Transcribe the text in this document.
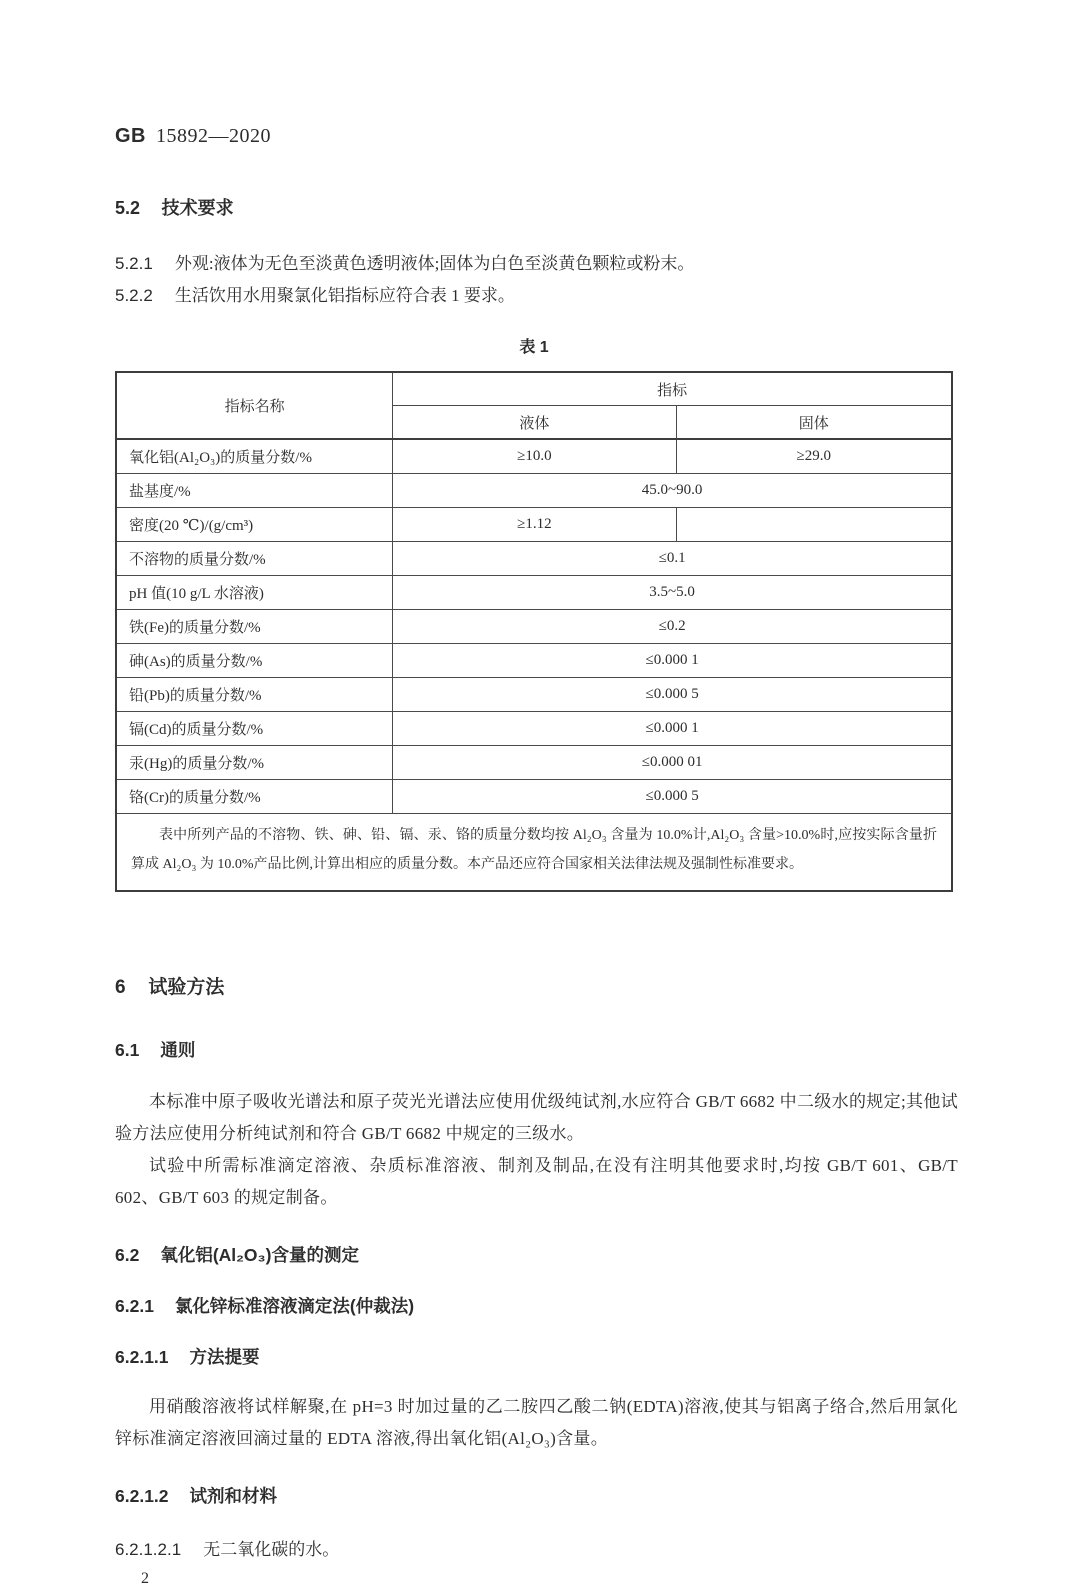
GB 15892—2020

5.2 技术要求

5.2.1 外观:液体为无色至淡黄色透明液体;固体为白色至淡黄色颗粒或粉末。

5.2.2 生活饮用水用聚氯化铝指标应符合表 1 要求。

表 1
指标名称	指标	
	液体	固体
氧化铝(Al₂O₃)的质量分数/%	≥10.0	≥29.0
盐基度/%	45.0~90.0	
密度(20 ℃)/(g/cm³)	≥1.12	
不溶物的质量分数/%	≤0.1	
pH 值(10 g/L 水溶液)	3.5~5.0	
铁(Fe)的质量分数/%	≤0.2	
砷(As)的质量分数/%	≤0.000 1	
铅(Pb)的质量分数/%	≤0.000 5	
镉(Cd)的质量分数/%	≤0.000 1	
汞(Hg)的质量分数/%	≤0.000 01	
铬(Cr)的质量分数/%	≤0.000 5	
表中所列产品的不溶物、铁、砷、铅、镉、汞、铬的质量分数均按 Al₂O₃ 含量为 10.0%计,Al₂O₃ 含量>10.0%时,应按实际含量折算成 Al₂O₃ 为 10.0%产品比例,计算出相应的质量分数。本产品还应符合国家相关法律法规及强制性标准要求。		
6 试验方法
6.1 通则

本标准中原子吸收光谱法和原子荧光光谱法应使用优级纯试剂,水应符合 GB/T 6682 中二级水的规定;其他试验方法应使用分析纯试剂和符合 GB/T 6682 中规定的三级水。

试验中所需标准滴定溶液、杂质标准溶液、制剂及制品,在没有注明其他要求时,均按 GB/T 601、GB/T 602、GB/T 603 的规定制备。

6.2 氧化铝(Al₂O₃)含量的测定
6.2.1 氯化锌标准溶液滴定法(仲裁法)
6.2.1.1 方法提要

用硝酸溶液将试样解聚,在 pH=3 时加过量的乙二胺四乙酸二钠(EDTA)溶液,使其与铝离子络合,然后用氯化锌标准滴定溶液回滴过量的 EDTA 溶液,得出氧化铝(Al₂O₃)含量。

6.2.1.2 试剂和材料

6.2.1.2.1 无二氧化碳的水。

2
